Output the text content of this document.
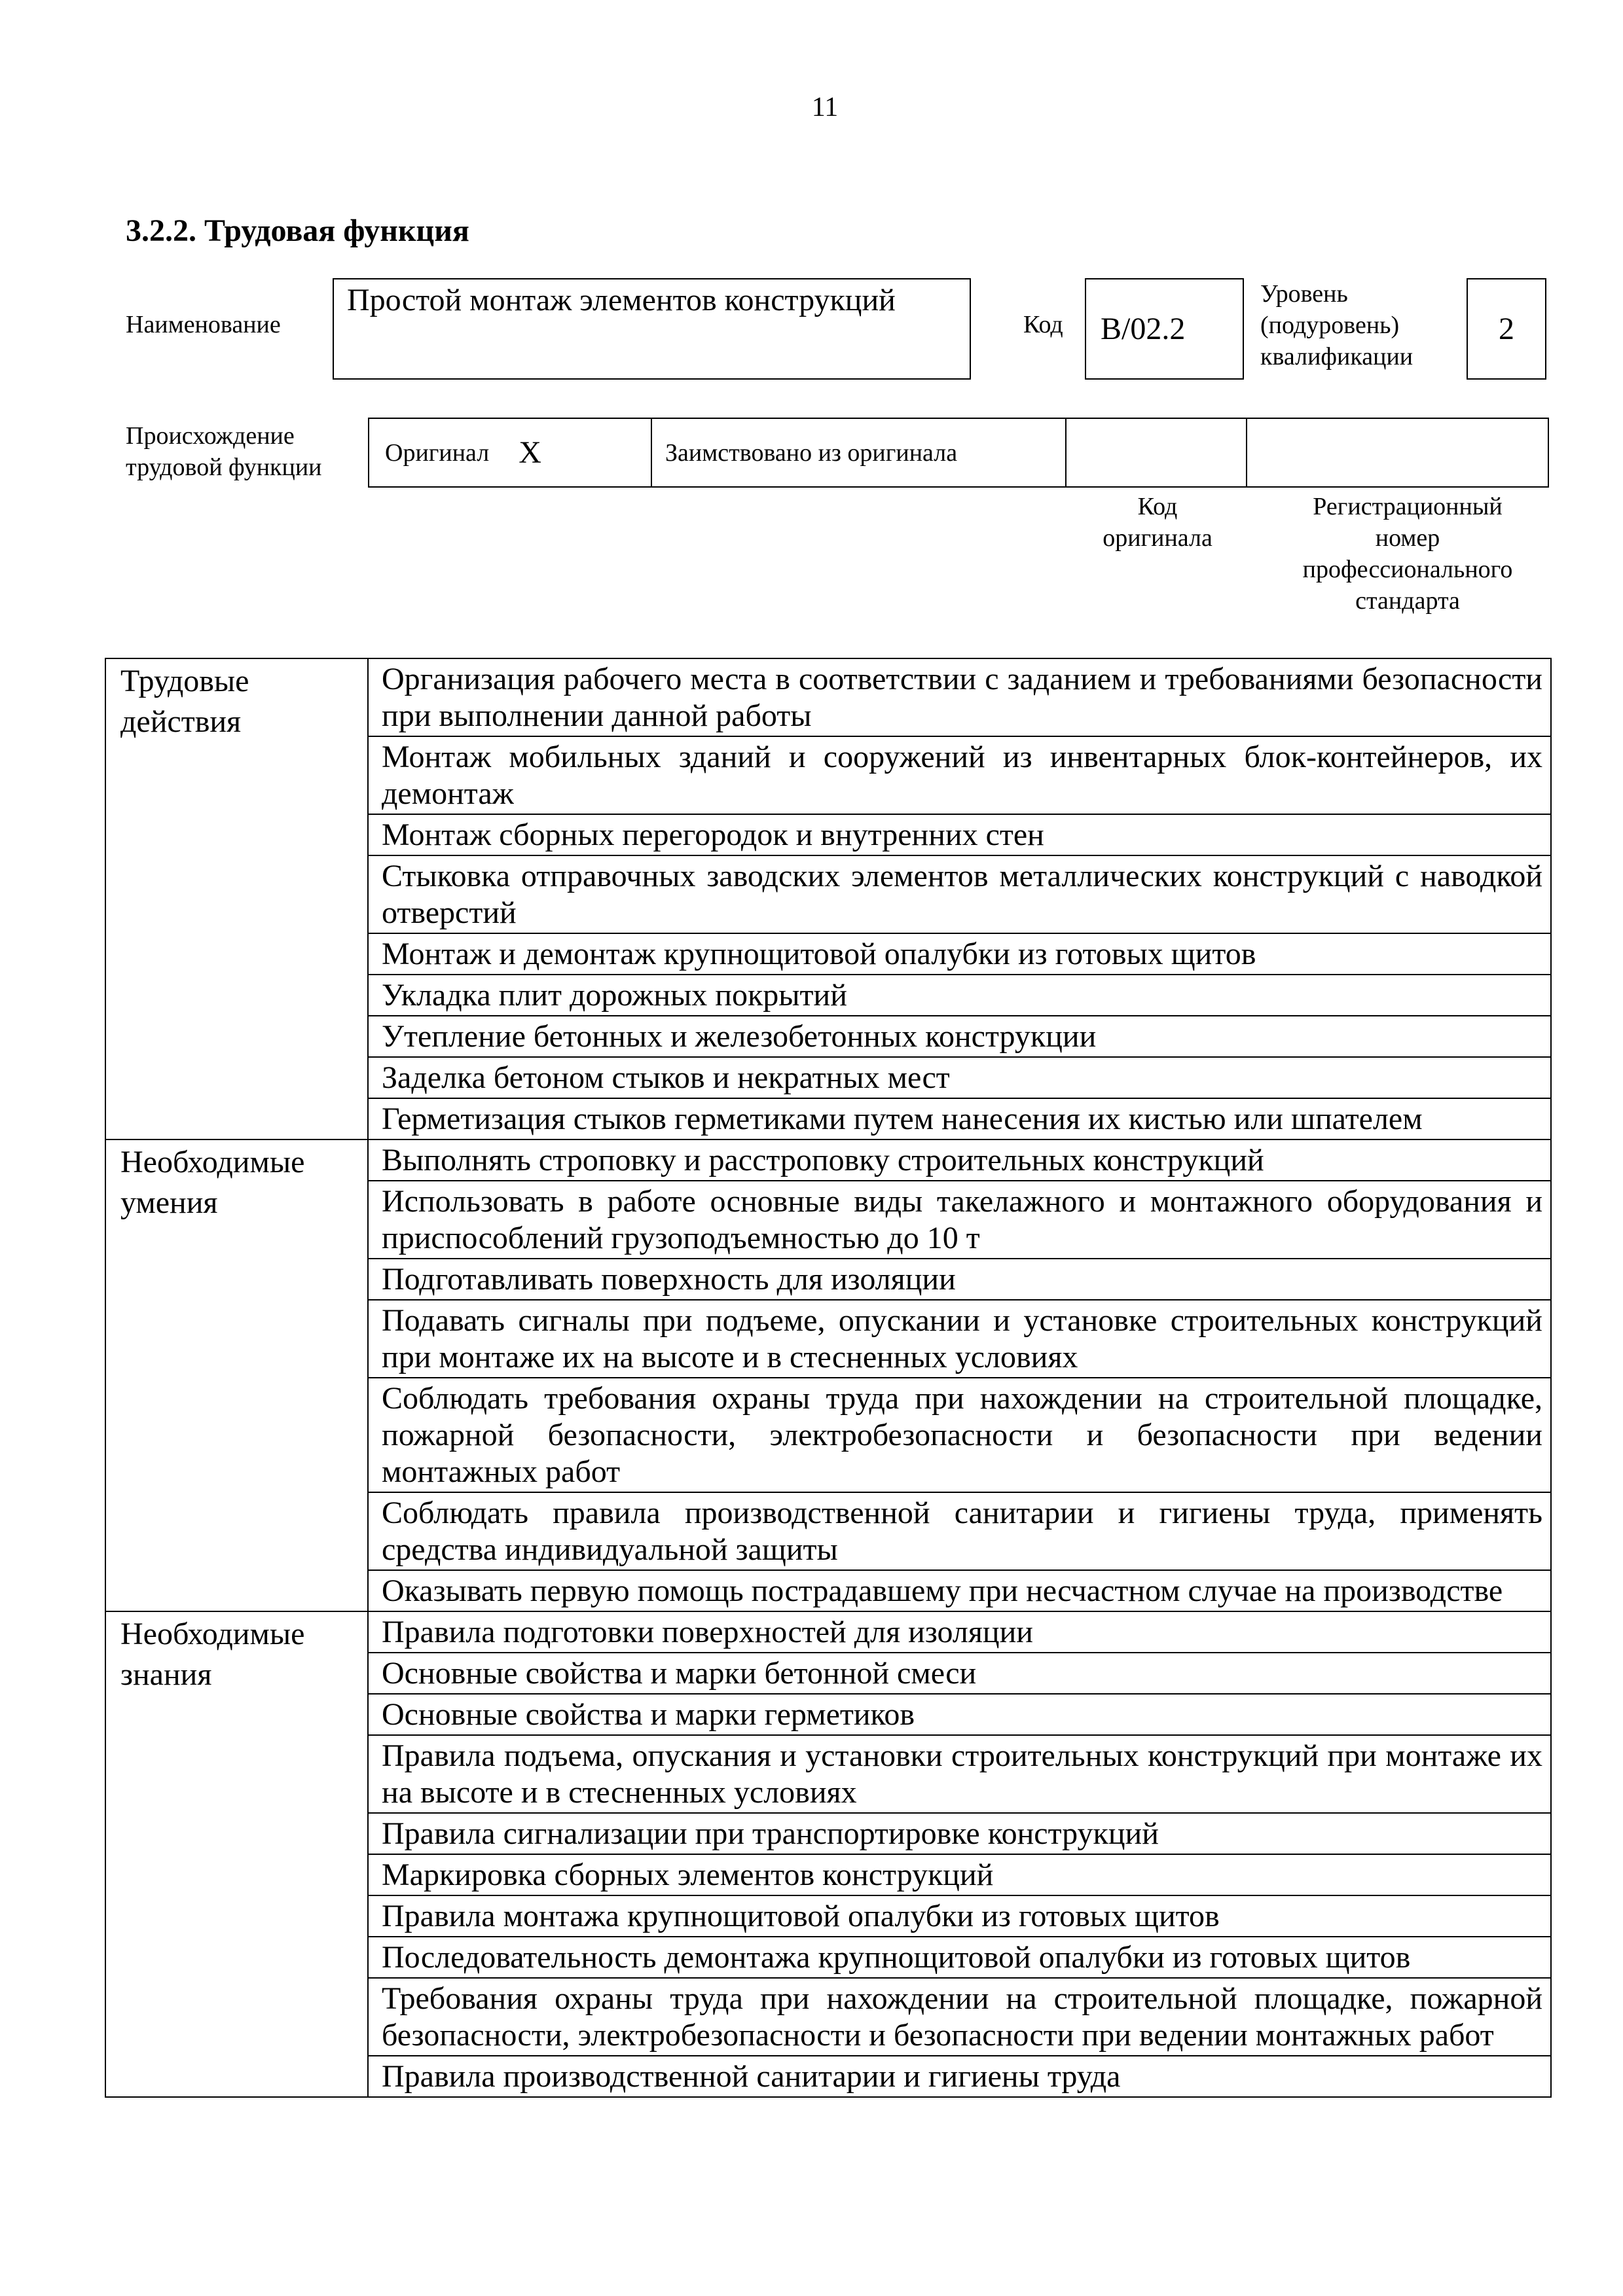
11
3.2.2. Трудовая функция
Наименование
Простой монтаж элементов конструкций
Код	B/02.2
Уровень
(подуровень)
квалификации
2
Происхождение
трудовой функции
Оригинал X	Заимствовано из оригинала
Код
оригинала
Регистрационный
номер
профессионального
стандарта
Трудовые
действия	Организация рабочего места в соответствии с заданием и требованиями безопасности при выполнении данной работы
	Монтаж мобильных зданий и сооружений из инвентарных блок-контейнеров, их демонтаж
	Монтаж сборных перегородок и внутренних стен
	Стыковка отправочных заводских элементов металлических конструкций с наводкой отверстий
	Монтаж и демонтаж крупнощитовой опалубки из готовых щитов
	Укладка плит дорожных покрытий
	Утепление бетонных и железобетонных конструкции
	Заделка бетоном стыков и некратных мест
	Герметизация стыков герметиками путем нанесения их кистью или шпателем

Необходимые
умения	Выполнять строповку и расстроповку строительных конструкций
	Использовать в работе основные виды такелажного и монтажного оборудования и приспособлений грузоподъемностью до 10 т
	Подготавливать поверхность для изоляции
	Подавать сигналы при подъеме, опускании и установке строительных конструкций при монтаже их на высоте и в стесненных условиях
	Соблюдать требования охраны труда при нахождении на строительной площадке, пожарной безопасности, электробезопасности и безопасности при ведении монтажных работ
	Соблюдать правила производственной санитарии и гигиены труда, применять средства индивидуальной защиты
	Оказывать первую помощь пострадавшему при несчастном случае на производстве

Необходимые
знания	Правила подготовки поверхностей для изоляции
	Основные свойства и марки бетонной смеси
	Основные свойства и марки герметиков
	Правила подъема, опускания и установки строительных конструкций при монтаже их на высоте и в стесненных условиях
	Правила сигнализации при транспортировке конструкций
	Маркировка сборных элементов конструкций
	Правила монтажа крупнощитовой опалубки из готовых щитов
	Последовательность демонтажа крупнощитовой опалубки из готовых щитов
	Требования охраны труда при нахождении на строительной площадке, пожарной безопасности, электробезопасности и безопасности при ведении монтажных работ
	Правила производственной санитарии и гигиены труда
